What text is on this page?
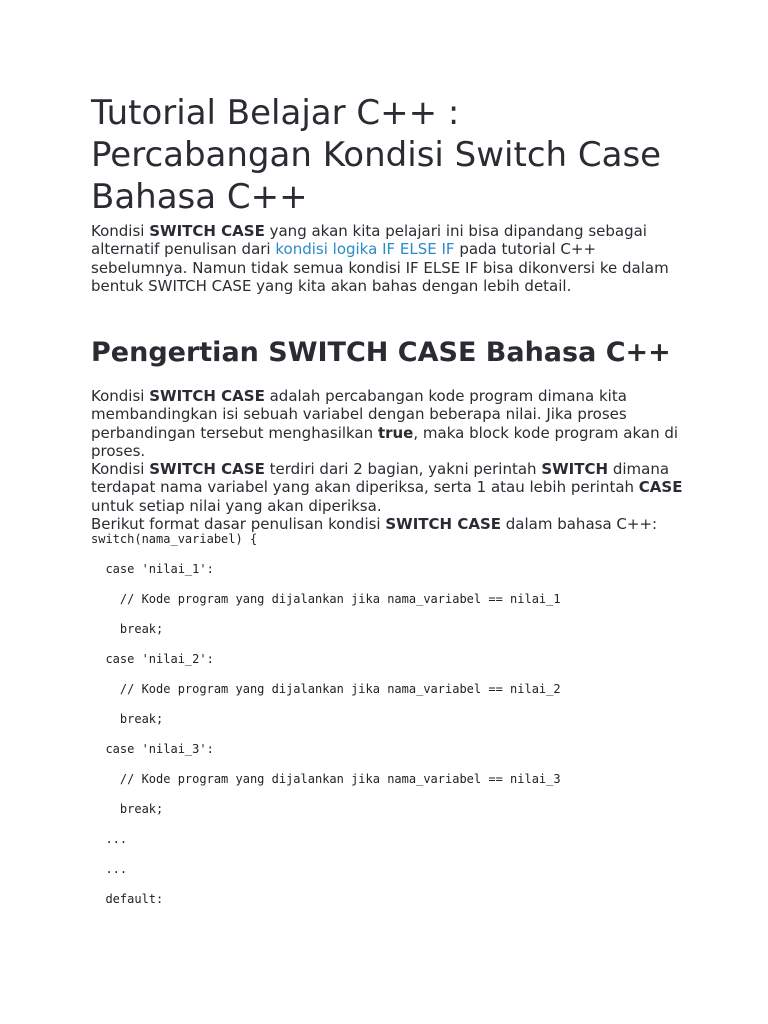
Tutorial Belajar C++ : Percabangan Kondisi Switch Case Bahasa C++

Kondisi SWITCH CASE yang akan kita pelajari ini bisa dipandang sebagai alternatif penulisan dari kondisi logika IF ELSE IF pada tutorial C++ sebelumnya. Namun tidak semua kondisi IF ELSE IF bisa dikonversi ke dalam bentuk SWITCH CASE yang kita akan bahas dengan lebih detail.

Pengertian SWITCH CASE Bahasa C++

Kondisi SWITCH CASE adalah percabangan kode program dimana kita membandingkan isi sebuah variabel dengan beberapa nilai. Jika proses perbandingan tersebut menghasilkan true, maka block kode program akan di proses.

Kondisi SWITCH CASE terdiri dari 2 bagian, yakni perintah SWITCH dimana terdapat nama variabel yang akan diperiksa, serta 1 atau lebih perintah CASE untuk setiap nilai yang akan diperiksa.

Berikut format dasar penulisan kondisi SWITCH CASE dalam bahasa C++:

switch(nama_variabel) {
case 'nilai_1':
// Kode program yang dijalankan jika nama_variabel == nilai_1
break;
case 'nilai_2':
// Kode program yang dijalankan jika nama_variabel == nilai_2
break;
case 'nilai_3':
// Kode program yang dijalankan jika nama_variabel == nilai_3
break;
...
...
default:
